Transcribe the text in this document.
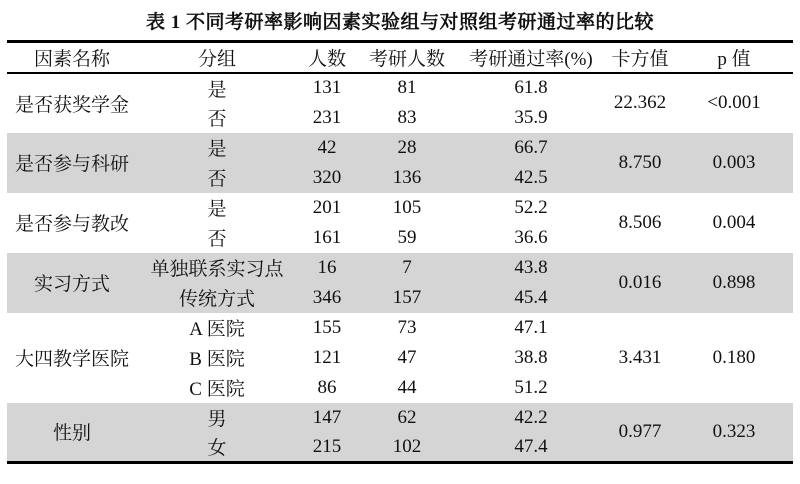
表 1 不同考研率影响因素实验组与对照组考研通过率的比较
因素名称	分组	人数	考研人数	考研通过率(%)	卡方值	p 值
是否获奖学金	是	131	81	61.8	22.362	<0.001
	否	231	83	35.9		
是否参与科研	是	42	28	66.7	8.750	0.003
	否	320	136	42.5		
是否参与教改	是	201	105	52.2	8.506	0.004
	否	161	59	36.6		
实习方式	单独联系实习点	16	7	43.8	0.016	0.898
	传统方式	346	157	45.4		
大四教学医院	A 医院	155	73	47.1	3.431	0.180
	B 医院	121	47	38.8		
	C 医院	86	44	51.2		
性别	男	147	62	42.2	0.977	0.323
	女	215	102	47.4		
